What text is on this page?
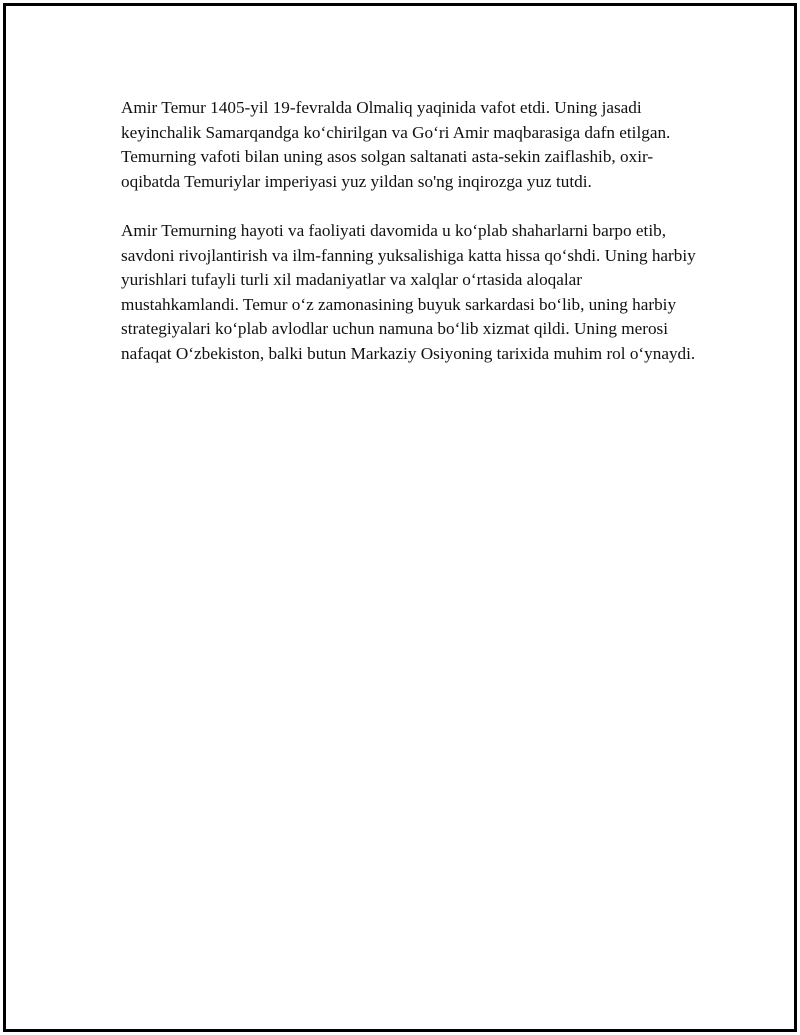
Amir Temur 1405-yil 19-fevralda Olmaliq yaqinida vafot etdi. Uning jasadi keyinchalik Samarqandga ko‘chirilgan va Go‘ri Amir maqbarasiga dafn etilgan. Temurning vafoti bilan uning asos solgan saltanati asta-sekin zaiflashib, oxir-oqibatda Temuriylar imperiyasi yuz yildan so'ng inqirozga yuz tutdi.

Amir Temurning hayoti va faoliyati davomida u ko‘plab shaharlarni barpo etib, savdoni rivojlantirish va ilm-fanning yuksalishiga katta hissa qo‘shdi. Uning harbiy yurishlari tufayli turli xil madaniyatlar va xalqlar o‘rtasida aloqalar mustahkamlandi. Temur o‘z zamonasining buyuk sarkardasi bo‘lib, uning harbiy strategiyalari ko‘plab avlodlar uchun namuna bo‘lib xizmat qildi. Uning merosi nafaqat O‘zbekiston, balki butun Markaziy Osiyoning tarixida muhim rol o‘ynaydi.
